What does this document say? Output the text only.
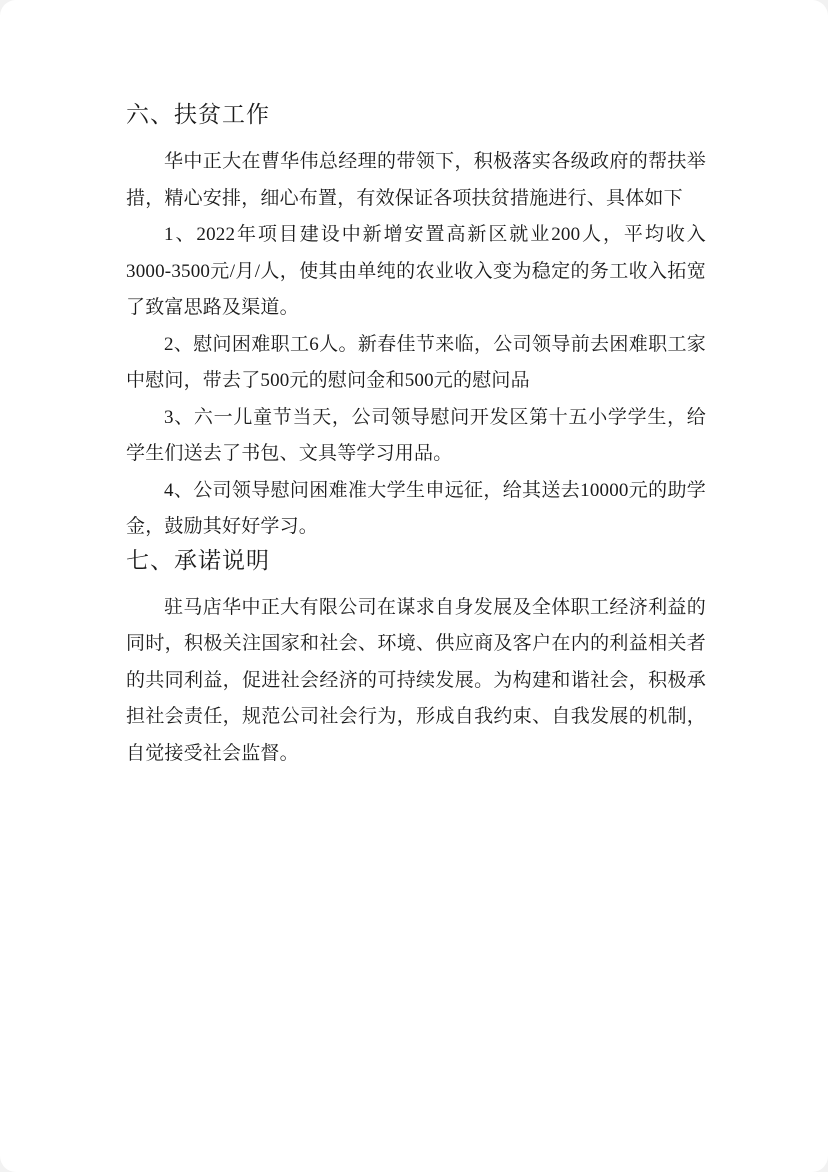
六、扶贫工作

华中正大在曹华伟总经理的带领下，积极落实各级政府的帮扶举措，精心安排，细心布置，有效保证各项扶贫措施进行、具体如下

1、2022年项目建设中新增安置高新区就业200人，平均收入3000-3500元/月/人，使其由单纯的农业收入变为稳定的务工收入拓宽了致富思路及渠道。

2、慰问困难职工6人。新春佳节来临，公司领导前去困难职工家中慰问，带去了500元的慰问金和500元的慰问品

3、六一儿童节当天，公司领导慰问开发区第十五小学学生，给学生们送去了书包、文具等学习用品。

4、公司领导慰问困难准大学生申远征，给其送去10000元的助学金，鼓励其好好学习。

七、承诺说明

驻马店华中正大有限公司在谋求自身发展及全体职工经济利益的同时，积极关注国家和社会、环境、供应商及客户在内的利益相关者的共同利益，促进社会经济的可持续发展。为构建和谐社会，积极承担社会责任，规范公司社会行为，形成自我约束、自我发展的机制，自觉接受社会监督。
